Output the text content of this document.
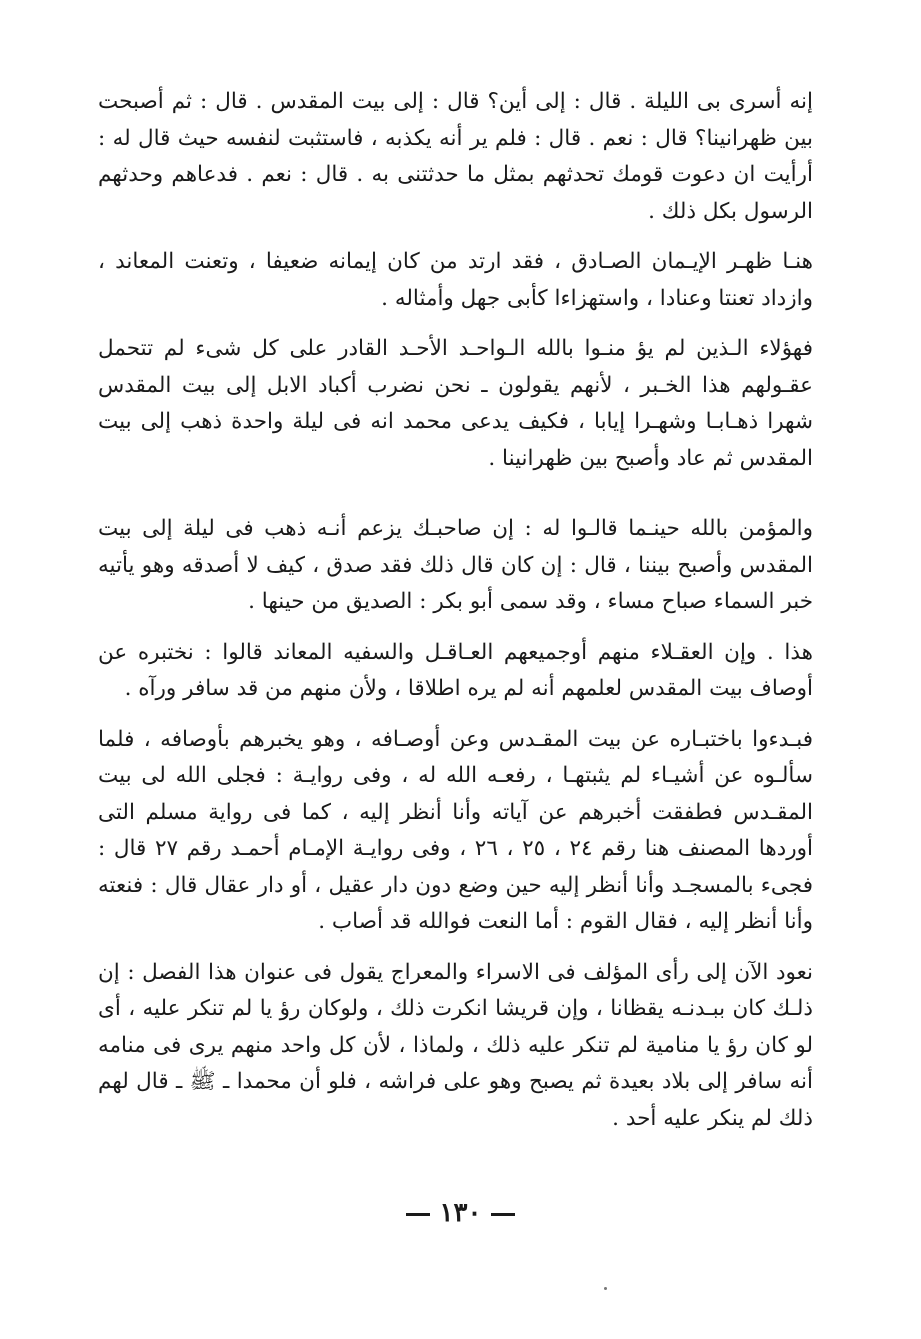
إنه أسرى بى الليلة . قال : إلى أين؟ قال : إلى بيت المقدس . قال : ثم أصبحت بين ظهرانينا؟ قال : نعم . قال : فلم ير أنه يكذبه ، فاستثبت لنفسه حيث قال له : أرأيت ان دعوت قومك تحدثهم بمثل ما حدثتنى به . قال : نعم . فدعاهم وحدثهم الرسول بكل ذلك .

هنـا ظهـر الإيـمان الصـادق ، فقد ارتد من كان إيمانه ضعيفا ، وتعنت المعاند ، وازداد تعنتا وعنادا ، واستهزاءا كأبى جهل وأمثاله .

فهؤلاء الـذين لم يؤ منـوا بالله الـواحـد الأحـد القادر على كل شىء لم تتحمل عقـولهم هذا الخـبر ، لأنهم يقولون ـ نحن نضرب أكباد الابل إلى بيت المقدس شهرا ذهـابـا وشهـرا إيابا ، فكيف يدعى محمد انه فى ليلة واحدة ذهب إلى بيت المقدس ثم عاد وأصبح بين ظهرانينا .

والمؤمن بالله حينـما قالـوا له : إن صاحبـك يزعم أنـه ذهب فى ليلة إلى بيت المقدس وأصبح بيننا ، قال : إن كان قال ذلك فقد صدق ، كيف لا أصدقه وهو يأتيه خبر السماء صباح مساء ، وقد سمى أبو بكر : الصديق من حينها .

هذا . وإن العقـلاء منهم أوجميعهم العـاقـل والسفيه المعاند قالوا : نختبره عن أوصاف بيت المقدس لعلمهم أنه لم يره اطلاقا ، ولأن منهم من قد سافر ورآه .

فبـدءوا باختبـاره عن بيت المقـدس وعن أوصـافه ، وهو يخبرهم بأوصافه ، فلما سألـوه عن أشيـاء لم يثبتهـا ، رفعـه الله له ، وفى روايـة : فجلى الله لى بيت المقـدس فطفقت أخبرهم عن آياته وأنا أنظر إليه ، كما فى رواية مسلم التى أوردها المصنف هنا رقم ٢٤ ، ٢٥ ، ٢٦ ، وفى روايـة الإمـام أحمـد رقم ٢٧ قال : فجىء بالمسجـد وأنا أنظر إليه حين وضع دون دار عقيل ، أو دار عقال قال : فنعته وأنا أنظر إليه ، فقال القوم : أما النعت فوالله قد أصاب .

نعود الآن إلى رأى المؤلف فى الاسراء والمعراج يقول فى عنوان هذا الفصل : إن ذلـك كان ببـدنـه يقظانا ، وإن قريشا انكرت ذلك ، ولوكان رؤ يا لم تنكر عليه ، أى لو كان رؤ يا منامية لم تنكر عليه ذلك ، ولماذا ، لأن كل واحد منهم يرى فى منامه أنه سافر إلى بلاد بعيدة ثم يصبح وهو على فراشه ، فلو أن محمدا ـ ﷺ ـ قال لهم ذلك لم ينكر عليه أحد .

١٣٠
